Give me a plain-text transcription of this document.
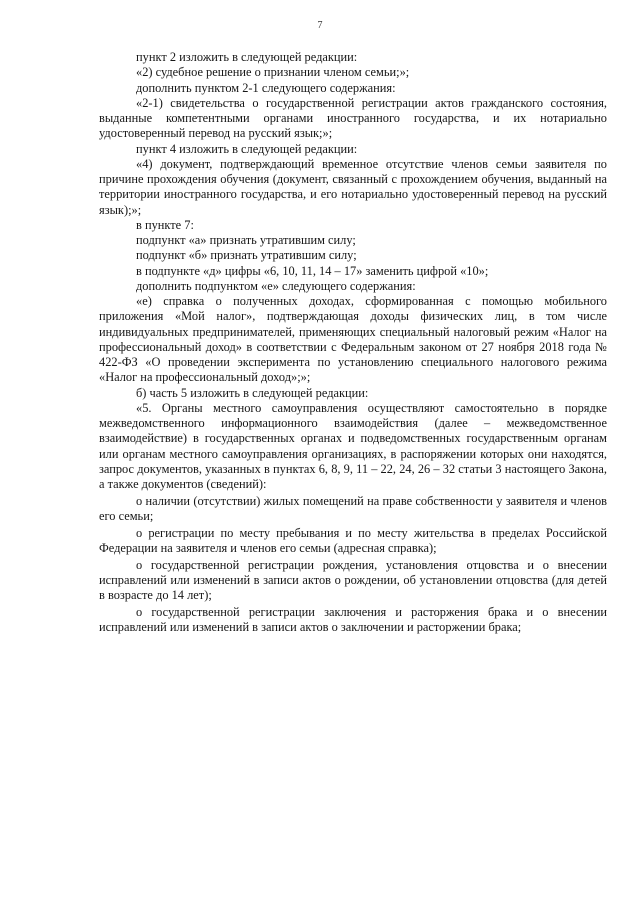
7

пункт 2 изложить в следующей редакции:

«2) судебное решение о признании членом семьи;»;

дополнить пунктом 2-1 следующего содержания:

«2-1) свидетельства о государственной регистрации актов гражданского состояния, выданные компетентными органами иностранного государства, и их нотариально удостоверенный перевод на русский язык;»;

пункт 4 изложить в следующей редакции:

«4) документ, подтверждающий временное отсутствие членов семьи заявителя по причине прохождения обучения (документ, связанный с прохождением обучения, выданный на территории иностранного государства, и его нотариально удостоверенный перевод на русский язык);»;

в пункте 7:

подпункт «а» признать утратившим силу;

подпункт «б» признать утратившим силу;

в подпункте «д» цифры «6, 10, 11, 14 – 17» заменить цифрой «10»;

дополнить подпунктом «е» следующего содержания:

«е) справка о полученных доходах, сформированная с помощью мобильного приложения «Мой налог», подтверждающая доходы физических лиц, в том числе индивидуальных предпринимателей, применяющих специальный налоговый режим «Налог на профессиональный доход» в соответствии с Федеральным законом от 27 ноября 2018 года № 422-ФЗ «О проведении эксперимента по установлению специального налогового режима «Налог на профессиональный доход»;»;

б) часть 5 изложить в следующей редакции:

«5. Органы местного самоуправления осуществляют самостоятельно в порядке межведомственного информационного взаимодействия (далее – межведомственное взаимодействие) в государственных органах и подведомственных государственным органам или органам местного самоуправления организациях, в распоряжении которых они находятся, запрос документов, указанных в пунктах 6, 8, 9, 11 – 22, 24, 26 – 32 статьи 3 настоящего Закона, а также документов (сведений):

о наличии (отсутствии) жилых помещений на праве собственности у заявителя и членов его семьи;

о регистрации по месту пребывания и по месту жительства в пределах Российской Федерации на заявителя и членов его семьи (адресная справка);

о государственной регистрации рождения, установления отцовства и о внесении исправлений или изменений в записи актов о рождении, об установлении отцовства (для детей в возрасте до 14 лет);

о государственной регистрации заключения и расторжения брака и о внесении исправлений или изменений в записи актов о заключении и расторжении брака;
